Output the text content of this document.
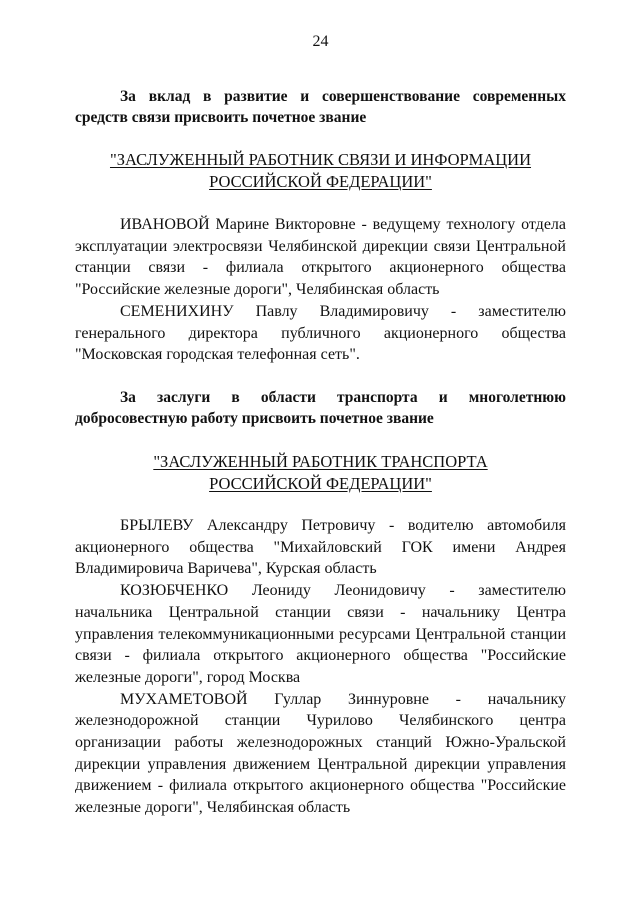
24

За вклад в развитие и совершенствование современных средств связи присвоить почетное звание

"ЗАСЛУЖЕННЫЙ РАБОТНИК СВЯЗИ И ИНФОРМАЦИИ

РОССИЙСКОЙ ФЕДЕРАЦИИ"

ИВАНОВОЙ Марине Викторовне - ведущему технологу отдела эксплуатации электросвязи Челябинской дирекции связи Центральной станции связи - филиала открытого акционерного общества "Российские железные дороги", Челябинская область

СЕМЕНИХИНУ Павлу Владимировичу - заместителю генерального директора публичного акционерного общества "Московская городская телефонная сеть".

За заслуги в области транспорта и многолетнюю добросовестную работу присвоить почетное звание

"ЗАСЛУЖЕННЫЙ РАБОТНИК ТРАНСПОРТА

РОССИЙСКОЙ ФЕДЕРАЦИИ"

БРЫЛЕВУ Александру Петровичу - водителю автомобиля акционерного общества "Михайловский ГОК имени Андрея Владимировича Варичева", Курская область

КОЗЮБЧЕНКО Леониду Леонидовичу - заместителю начальника Центральной станции связи - начальнику Центра управления телекоммуникационными ресурсами Центральной станции связи - филиала открытого акционерного общества "Российские железные дороги", город Москва

МУХАМЕТОВОЙ Гуллар Зиннуровне - начальнику железнодорожной станции Чурилово Челябинского центра организации работы железнодорожных станций Южно-Уральской дирекции управления движением Центральной дирекции управления движением - филиала открытого акционерного общества "Российские железные дороги", Челябинская область
